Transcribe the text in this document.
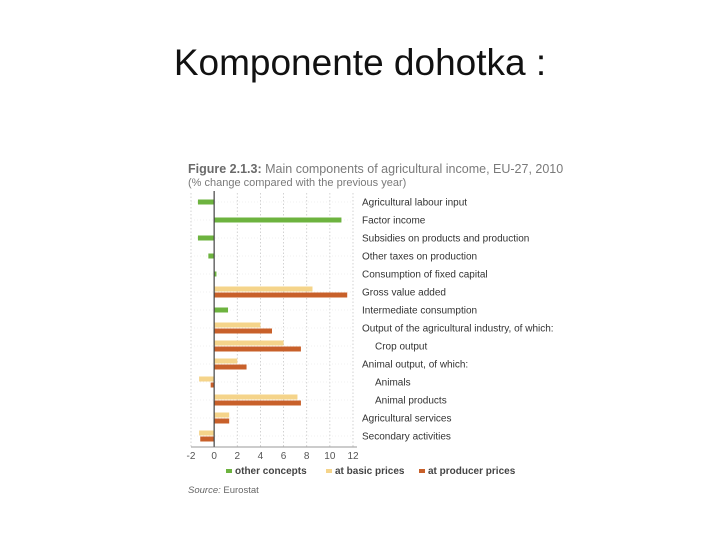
Komponente dohotka :
Figure 2.1.3: Main components of agricultural income, EU-27, 2010
(% change compared with the previous year)
-2 0 2 4 6 8 10 12
Agricultural labour input
Factor income
Subsidies on products and production
Other taxes on production
Consumption of fixed capital
Gross value added
Intermediate consumption
Output of the agricultural industry, of which:
Crop output
Animal output, of which:
Animals
Animal products
Agricultural services
Secondary activities
other concepts	at basic prices at producer prices
Source: Eurostat
